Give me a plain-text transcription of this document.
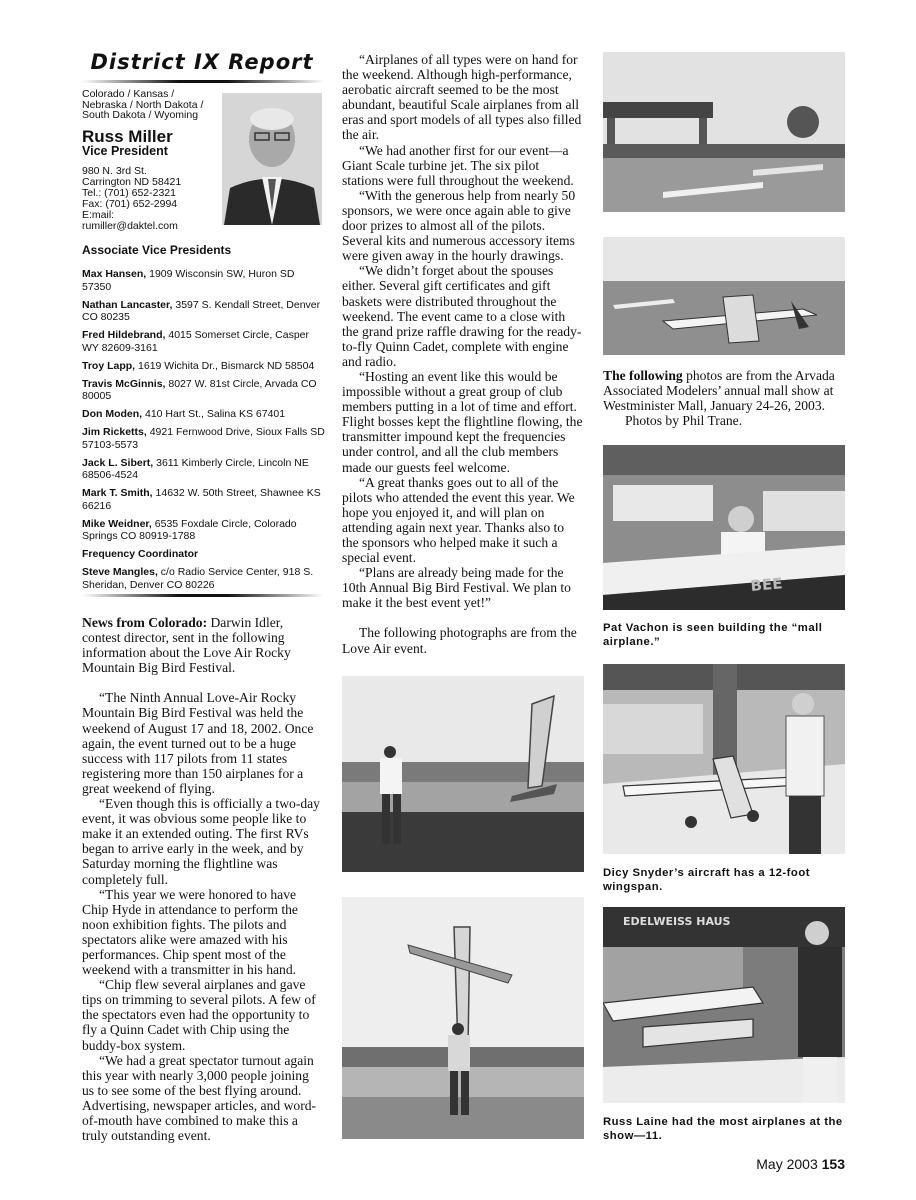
District IX Report
Colorado / Kansas / Nebraska / North Dakota / South Dakota / Wyoming
Russ Miller
Vice President
980 N. 3rd St.
Carrington ND 58421
Tel.: (701) 652-2321
Fax: (701) 652-2994
E:mail:
rumiller@daktel.com
Associate Vice Presidents
Max Hansen, 1909 Wisconsin SW, Huron SD 57350
Nathan Lancaster, 3597 S. Kendall Street, Denver CO 80235
Fred Hildebrand, 4015 Somerset Circle, Casper WY 82609-3161
Troy Lapp, 1619 Wichita Dr., Bismarck ND 58504
Travis McGinnis, 8027 W. 81st Circle, Arvada CO 80005
Don Moden, 410 Hart St., Salina KS 67401
Jim Ricketts, 4921 Fernwood Drive, Sioux Falls SD 57103-5573
Jack L. Sibert, 3611 Kimberly Circle, Lincoln NE 68506-4524
Mark T. Smith, 14632 W. 50th Street, Shawnee KS 66216
Mike Weidner, 6535 Foxdale Circle, Colorado Springs CO 80919-1788
Frequency Coordinator
Steve Mangles, c/o Radio Service Center, 918 S. Sheridan, Denver CO 80226

News from Colorado: Darwin Idler, contest director, sent in the following information about the Love Air Rocky Mountain Big Bird Festival.

“The Ninth Annual Love-Air Rocky Mountain Big Bird Festival was held the weekend of August 17 and 18, 2002. Once again, the event turned out to be a huge success with 117 pilots from 11 states registering more than 150 airplanes for a great weekend of flying.

“Even though this is officially a two-day event, it was obvious some people like to make it an extended outing. The first RVs began to arrive early in the week, and by Saturday morning the flightline was completely full.

“This year we were honored to have Chip Hyde in attendance to perform the noon exhibition fights. The pilots and spectators alike were amazed with his performances. Chip spent most of the weekend with a transmitter in his hand.

“Chip flew several airplanes and gave tips on trimming to several pilots. A few of the spectators even had the opportunity to fly a Quinn Cadet with Chip using the buddy-box system.

“We had a great spectator turnout again this year with nearly 3,000 people joining us to see some of the best flying around. Advertising, newspaper articles, and word-of-mouth have combined to make this a truly outstanding event.

“Airplanes of all types were on hand for the weekend. Although high-performance, aerobatic aircraft seemed to be the most abundant, beautiful Scale airplanes from all eras and sport models of all types also filled the air.

“We had another first for our event—a Giant Scale turbine jet. The six pilot stations were full throughout the weekend.

“With the generous help from nearly 50 sponsors, we were once again able to give door prizes to almost all of the pilots. Several kits and numerous accessory items were given away in the hourly drawings.

“We didn’t forget about the spouses either. Several gift certificates and gift baskets were distributed throughout the weekend. The event came to a close with the grand prize raffle drawing for the ready-to-fly Quinn Cadet, complete with engine and radio.

“Hosting an event like this would be impossible without a great group of club members putting in a lot of time and effort. Flight bosses kept the flightline flowing, the transmitter impound kept the frequencies under control, and all the club members made our guests feel welcome.

“A great thanks goes out to all of the pilots who attended the event this year. We hope you enjoyed it, and will plan on attending again next year. Thanks also to the sponsors who helped make it such a special event.

“Plans are already being made for the 10th Annual Big Bird Festival. We plan to make it the best event yet!”

The following photographs are from the Love Air event.

The following photos are from the Arvada Associated Modelers’ annual mall show at Westminister Mall, January 24-26, 2003.
Photos by Phil Trane.
BEE
Pat Vachon is seen building the “mall airplane.”
Dicy Snyder’s aircraft has a 12-foot wingspan.
EDELWEISS HAUS
Russ Laine had the most airplanes at the show—11.
May 2003 153
